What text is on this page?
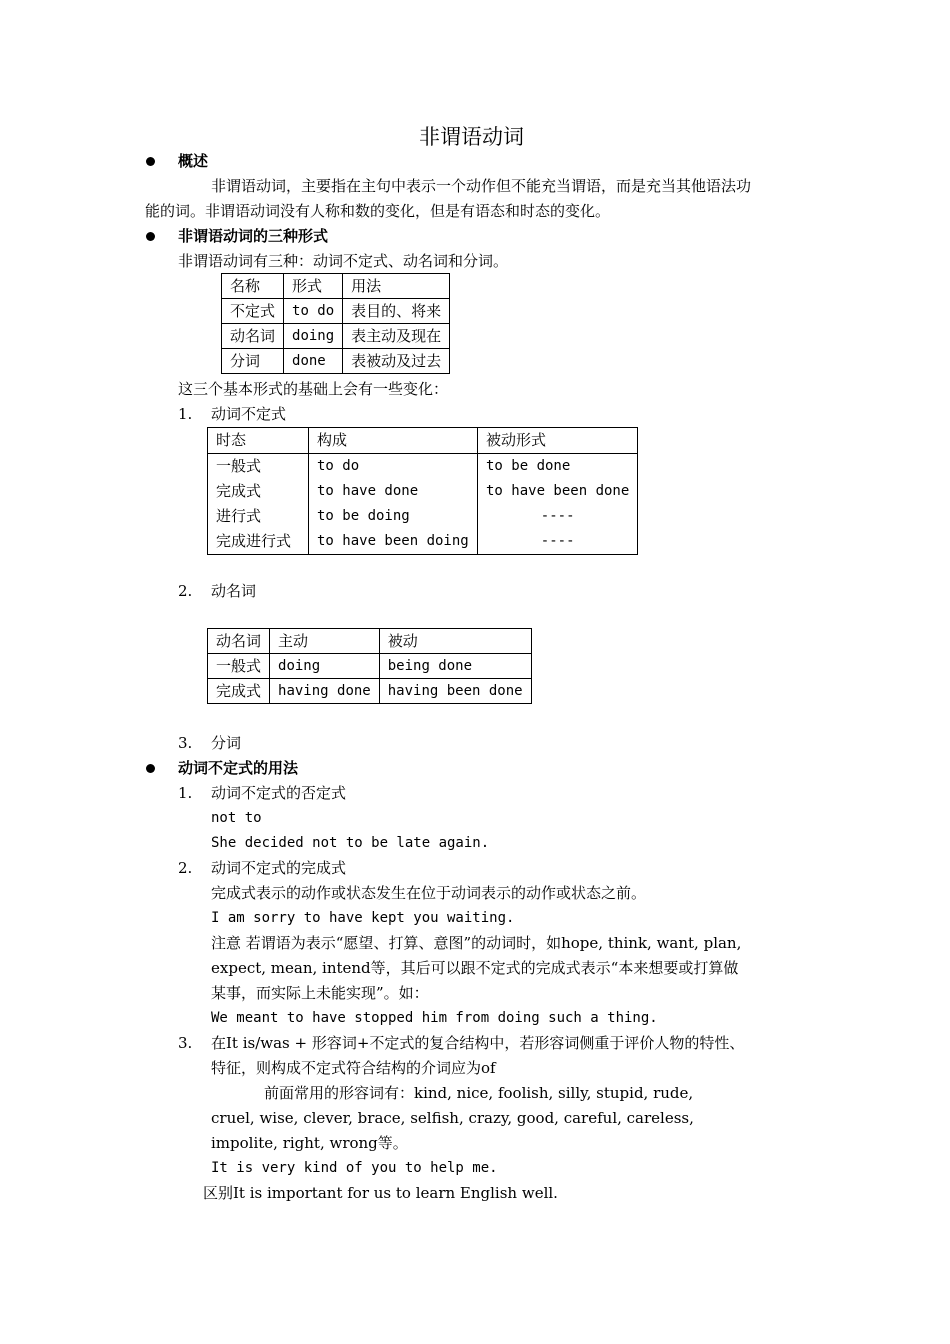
非谓语动词
概述
非谓语动词，主要指在主句中表示一个动作但不能充当谓语，而是充当其他语法功
能的词。非谓语动词没有人称和数的变化，但是有语态和时态的变化。
非谓语动词的三种形式
非谓语动词有三种：动词不定式、动名词和分词。
名称	形式	用法
不定式	to do	表目的、将来
动名词	doing	表主动及现在
分词	done	表被动及过去
这三个基本形式的基础上会有一些变化：
1. 动词不定式
时态	构成	被动形式
一般式	to do	to be done
完成式	to have done	to have been done
进行式	to be doing	----
完成进行式	to have been doing	----
2. 动名词
动名词	主动	被动
一般式	doing	being done
完成式	having done	having been done
3. 分词
动词不定式的用法
1. 动词不定式的否定式
not to
She decided not to be late again.
2. 动词不定式的完成式
完成式表示的动作或状态发生在位于动词表示的动作或状态之前。
I am sorry to have kept you waiting.
注意 若谓语为表示“愿望、打算、意图”的动词时，如hope, think, want, plan,
expect, mean, intend等，其后可以跟不定式的完成式表示“本来想要或打算做
某事，而实际上未能实现”。如：
We meant to have stopped him from doing such a thing.
3. 在It is/was + 形容词+不定式的复合结构中，若形容词侧重于评价人物的特性、
特征，则构成不定式符合结构的介词应为of
前面常用的形容词有：kind, nice, foolish, silly, stupid, rude,
cruel, wise, clever, brace, selfish, crazy, good, careful, careless,
impolite, right, wrong等。
It is very kind of you to help me.
区别It is important for us to learn English well.
